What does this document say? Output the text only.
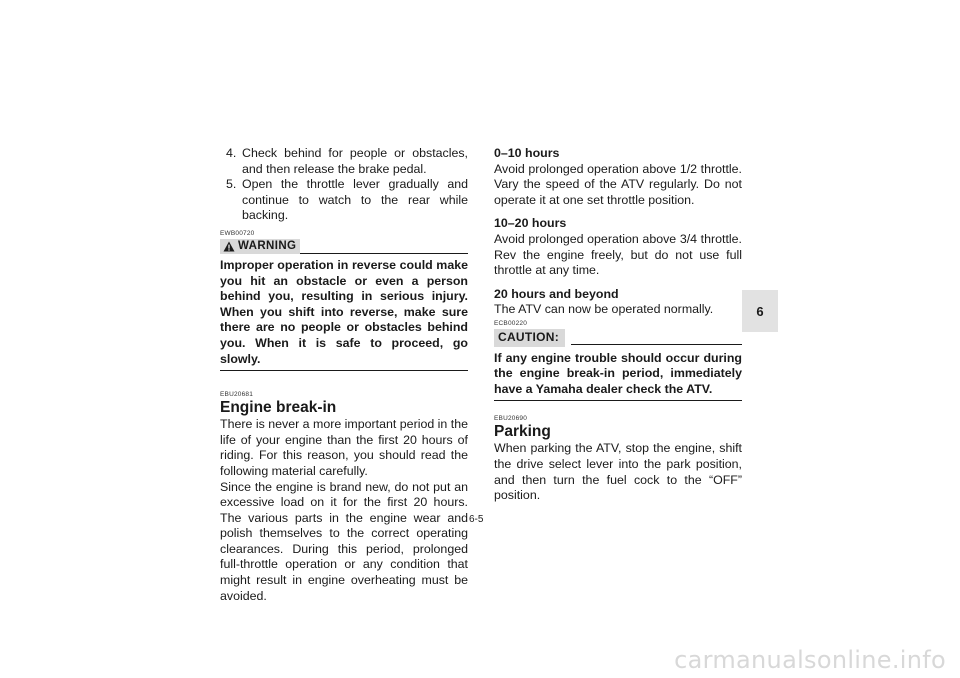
4. Check behind for people or obstacles, and then release the brake pedal.
5. Open the throttle lever gradually and continue to watch to the rear while backing.
EWB00720
WARNING

Improper operation in reverse could make you hit an obstacle or even a person behind you, resulting in serious injury. When you shift into reverse, make sure there are no people or obstacles behind you. When it is safe to proceed, go slowly.

EBU20681
Engine break-in

There is never a more important period in the life of your engine than the first 20 hours of riding. For this reason, you should read the following material carefully.

Since the engine is brand new, do not put an excessive load on it for the first 20 hours. The various parts in the engine wear and polish themselves to the correct operating clearances. During this period, prolonged full-throttle operation or any condition that might result in engine overheating must be avoided.

0–10 hours

Avoid prolonged operation above 1/2 throttle. Vary the speed of the ATV regularly. Do not operate it at one set throttle position.

10–20 hours

Avoid prolonged operation above 3/4 throttle. Rev the engine freely, but do not use full throttle at any time.

20 hours and beyond

The ATV can now be operated normally.

ECB00220
CAUTION:

If any engine trouble should occur during the engine break-in period, immediately have a Yamaha dealer check the ATV.

EBU20690
Parking

When parking the ATV, stop the engine, shift the drive select lever into the park position, and then turn the fuel cock to the “OFF” position.

6-5
6
carmanualsonline.info
